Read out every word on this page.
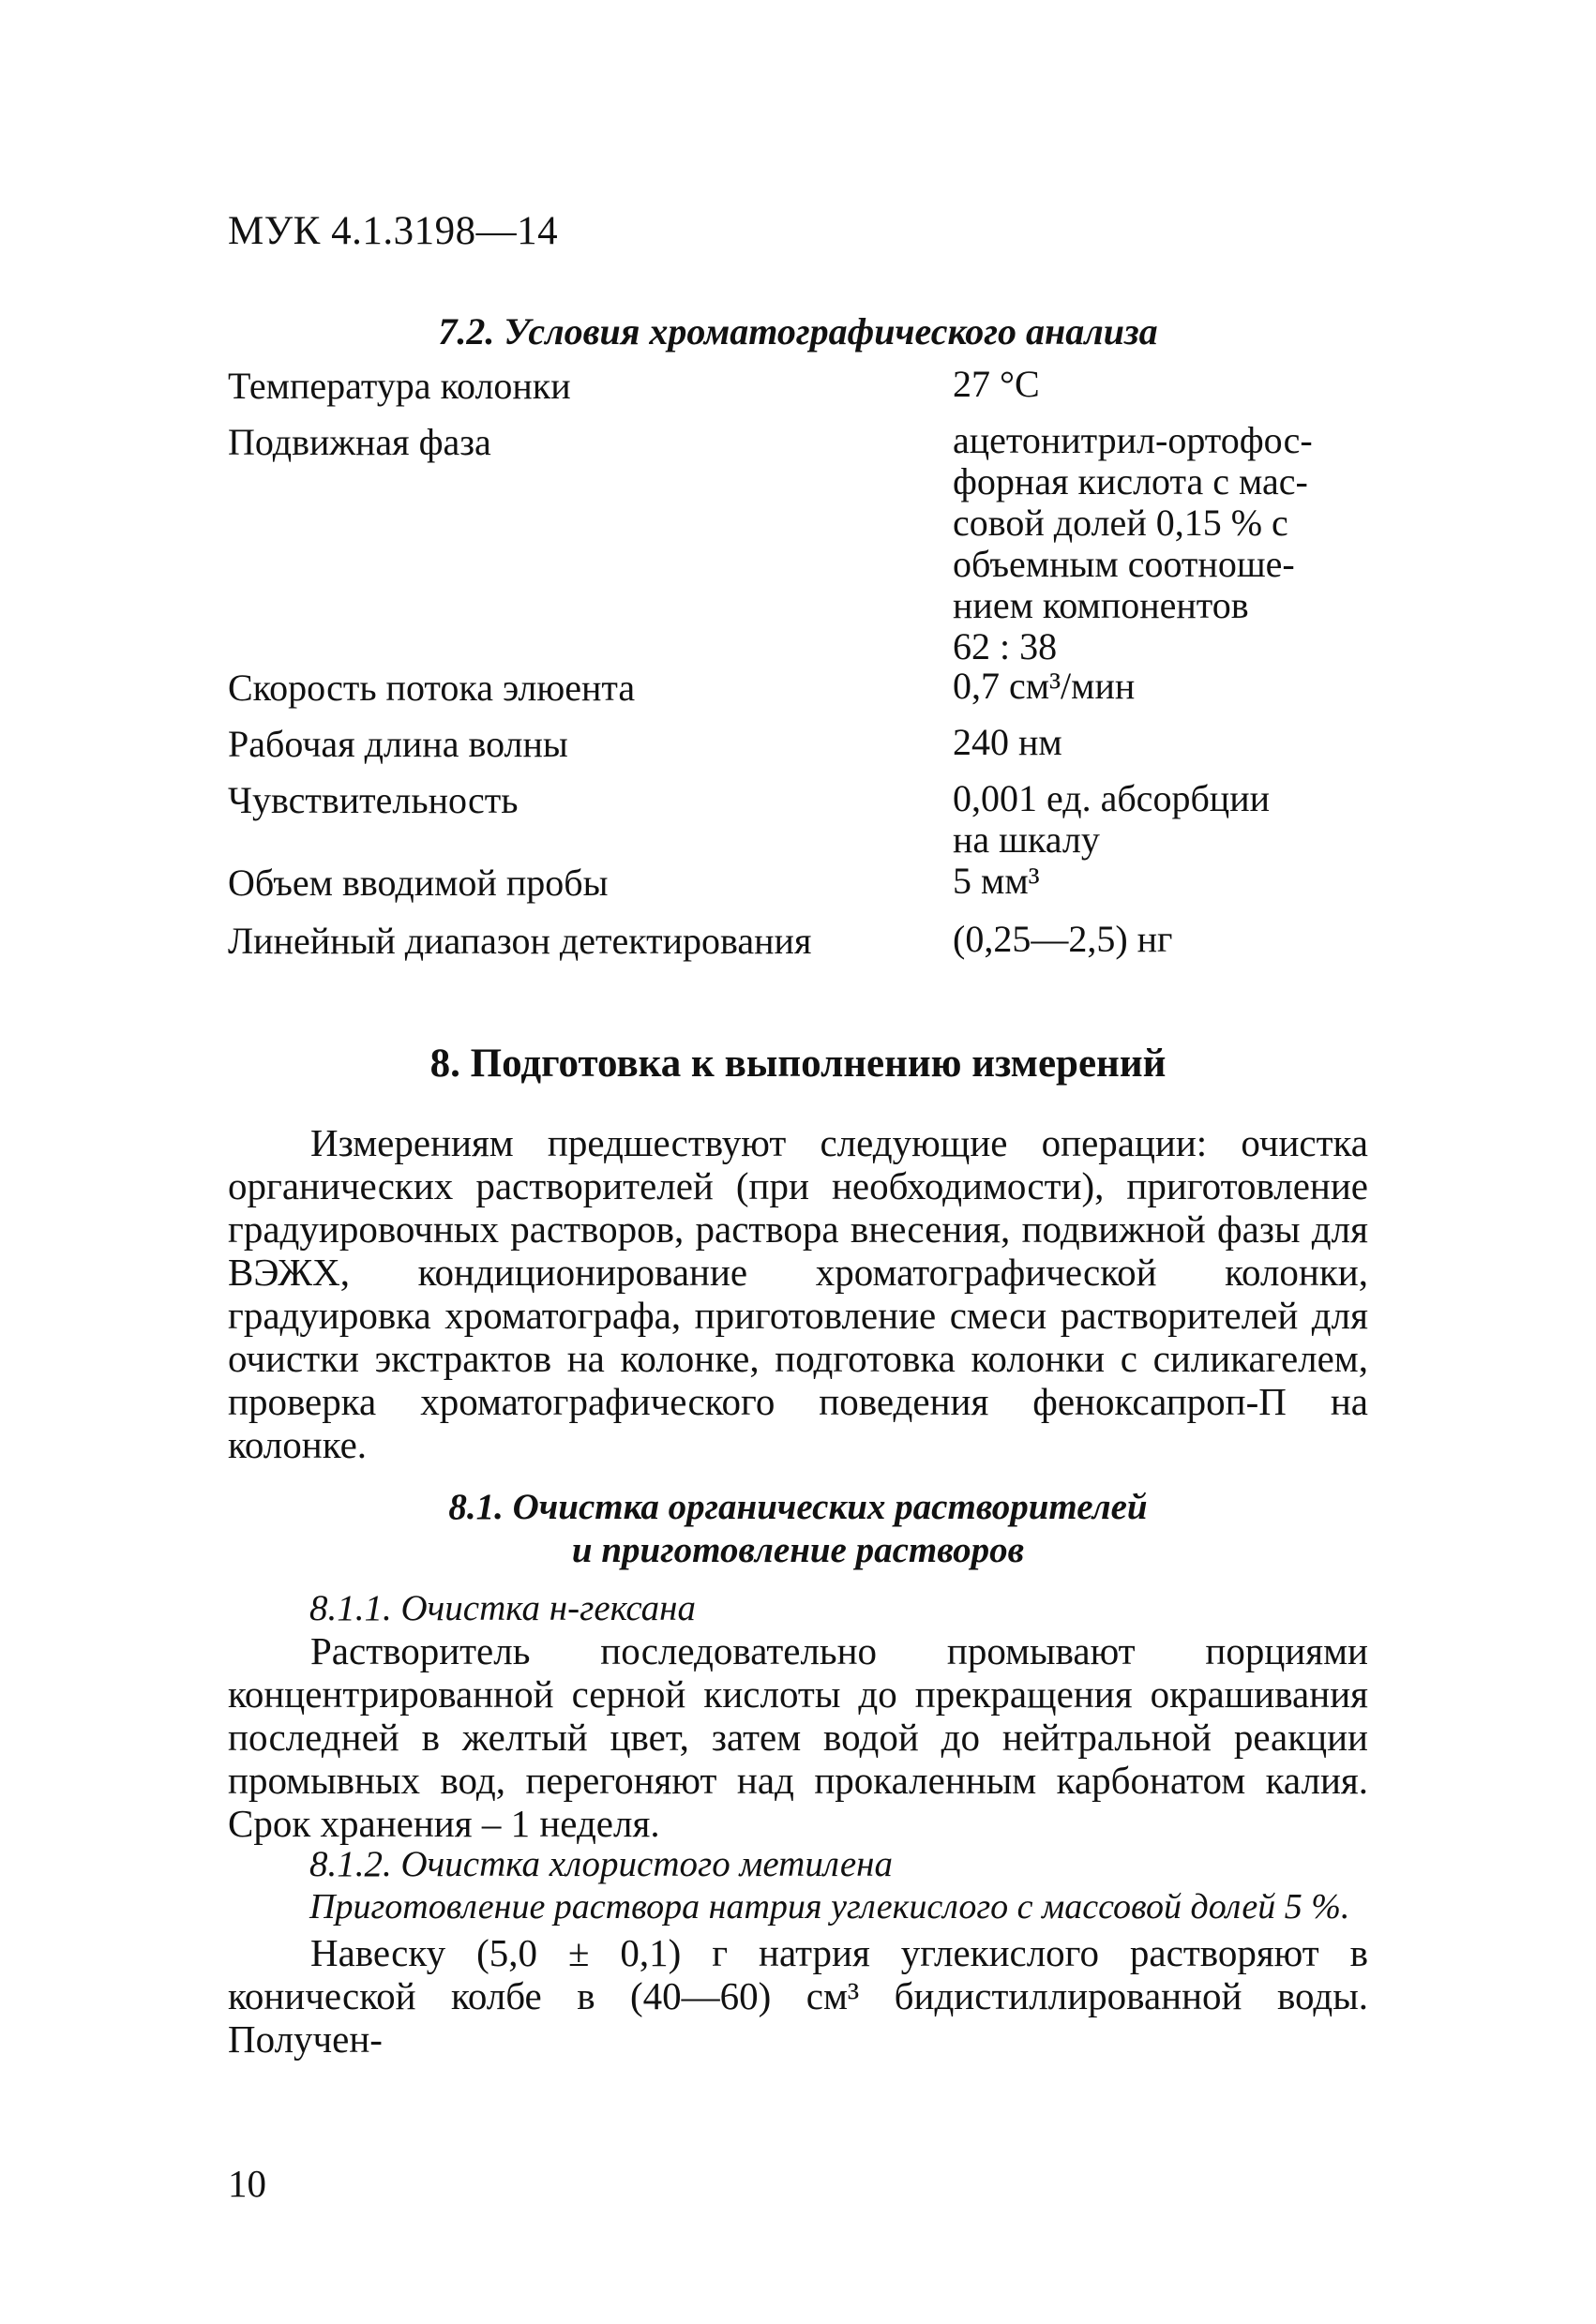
МУК 4.1.3198—14
7.2. Условия хроматографического анализа
Температура колонки	27 °С
Подвижная фаза	ацетонитрил-ортофос-
форная кислота с мас-
совой долей 0,15 % с
объемным соотноше-
нием компонентов
62 : 38
Скорость потока элюента	0,7 см³/мин
Рабочая длина волны	240 нм
Чувствительность	0,001 ед. абсорбции
на шкалу
Объем вводимой пробы	5 мм³
Линейный диапазон детектирования	(0,25—2,5) нг
8. Подготовка к выполнению измерений
Измерениям предшествуют следующие операции: очистка органических растворителей (при необходимости), приготовление градуировочных растворов, раствора внесения, подвижной фазы для ВЭЖХ, кондиционирование хроматографической колонки, градуировка хроматографа, приготовление смеси растворителей для очистки экстрактов на колонке, подготовка колонки с силикагелем, проверка хроматографического поведения феноксапроп-П на колонке.
8.1. Очистка органических растворителей
и приготовление растворов
8.1.1. Очистка н-гексана
Растворитель последовательно промывают порциями концентрированной серной кислоты до прекращения окрашивания последней в желтый цвет, затем водой до нейтральной реакции промывных вод, перегоняют над прокаленным карбонатом калия. Срок хранения – 1 неделя.
8.1.2. Очистка хлористого метилена
Приготовление раствора натрия углекислого с массовой долей 5 %.
Навеску (5,0 ± 0,1) г натрия углекислого растворяют в конической колбе в (40—60) см³ бидистиллированной воды. Получен-
10
